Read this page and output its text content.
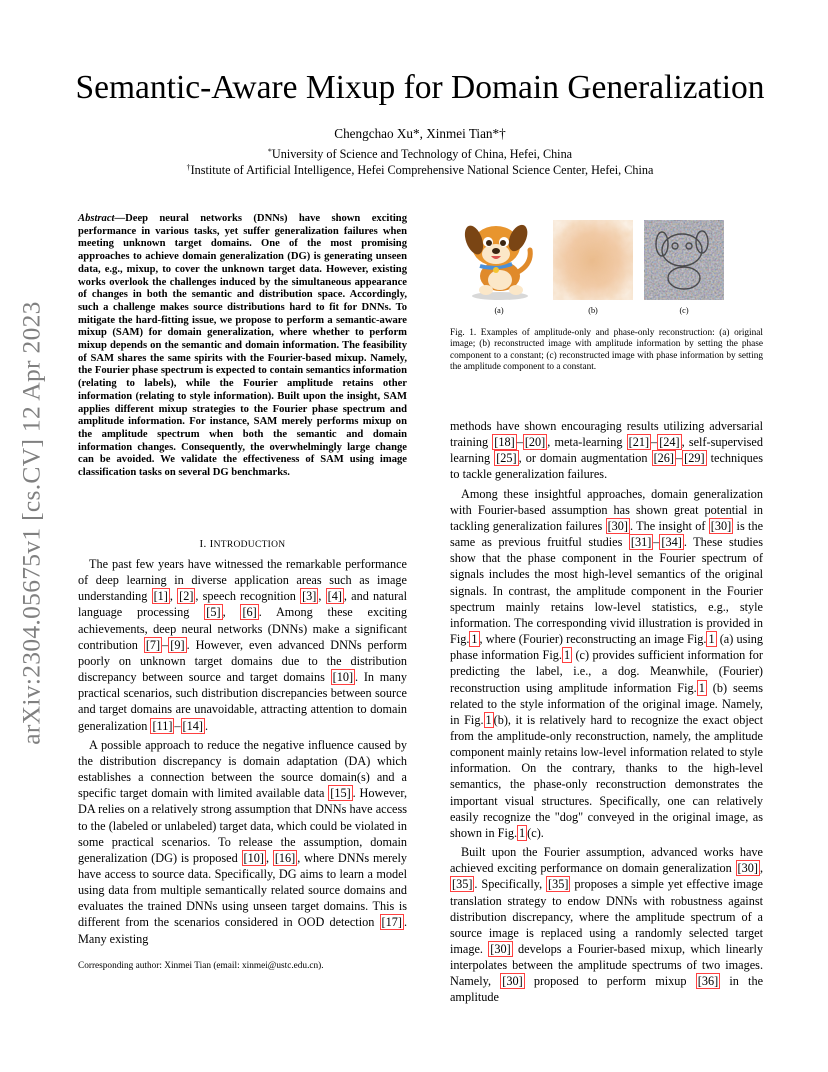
arXiv:2304.05675v1 [cs.CV] 12 Apr 2023
Semantic-Aware Mixup for Domain Generalization
Chengchao Xu*, Xinmei Tian*†
*University of Science and Technology of China, Hefei, China
†Institute of Artificial Intelligence, Hefei Comprehensive National Science Center, Hefei, China
Abstract—Deep neural networks (DNNs) have shown exciting performance in various tasks, yet suffer generalization failures when meeting unknown target domains. One of the most promising approaches to achieve domain generalization (DG) is generating unseen data, e.g., mixup, to cover the unknown target data. However, existing works overlook the challenges induced by the simultaneous appearance of changes in both the semantic and distribution space. Accordingly, such a challenge makes source distributions hard to fit for DNNs. To mitigate the hard-fitting issue, we propose to perform a semantic-aware mixup (SAM) for domain generalization, where whether to perform mixup depends on the semantic and domain information. The feasibility of SAM shares the same spirits with the Fourier-based mixup. Namely, the Fourier phase spectrum is expected to contain semantics information (relating to labels), while the Fourier amplitude retains other information (relating to style information). Built upon the insight, SAM applies different mixup strategies to the Fourier phase spectrum and amplitude information. For instance, SAM merely performs mixup on the amplitude spectrum when both the semantic and domain information changes. Consequently, the overwhelmingly large change can be avoided. We validate the effectiveness of SAM using image classification tasks on several DG benchmarks.
I. INTRODUCTION

The past few years have witnessed the remarkable performance of deep learning in diverse application areas such as image understanding [1] , [2] , speech recognition [3] , [4] , and natural language processing [5] , [6] . Among these exciting achievements, deep neural networks (DNNs) make a significant contribution [7] – [9] . However, even advanced DNNs perform poorly on unknown target domains due to the distribution discrepancy between source and target domains [10] . In many practical scenarios, such distribution discrepancies between source and target domains are unavoidable, attracting attention to domain generalization [11] – [14] .

A possible approach to reduce the negative influence caused by the distribution discrepancy is domain adaptation (DA) which establishes a connection between the source domain(s) and a specific target domain with limited available data [15] . However, DA relies on a relatively strong assumption that DNNs have access to the (labeled or unlabeled) target data, which could be violated in some practical scenarios. To release the assumption, domain generalization (DG) is proposed [10] , [16] , where DNNs merely have access to source data. Specifically, DG aims to learn a model using data from multiple semantically related source domains and evaluates the trained DNNs using unseen target domains. This is different from the scenarios considered in OOD detection [17] . Many existing

Corresponding author: Xinmei Tian (email: xinmei@ustc.edu.cn).
(a)	(b)	(c)
Fig. 1. Examples of amplitude-only and phase-only reconstruction: (a) original image; (b) reconstructed image with amplitude information by setting the phase component to a constant; (c) reconstructed image with phase information by setting the amplitude component to a constant.

methods have shown encouraging results utilizing adversarial training [18] – [20] , meta-learning [21] – [24] , self-supervised learning [25] , or domain augmentation [26] – [29] techniques to tackle generalization failures.

Among these insightful approaches, domain generalization with Fourier-based assumption has shown great potential in tackling generalization failures [30] . The insight of [30] is the same as previous fruitful studies [31] – [34] . These studies show that the phase component in the Fourier spectrum of signals includes the most high-level semantics of the original signals. In contrast, the amplitude component in the Fourier spectrum mainly retains low-level statistics, e.g., style information. The corresponding vivid illustration is provided in Fig. 1 , where (Fourier) reconstructing an image Fig. 1 (a) using phase information Fig. 1 (c) provides sufficient information for predicting the label, i.e., a dog. Meanwhile, (Fourier) reconstruction using amplitude information Fig. 1 (b) seems related to the style information of the original image. Namely, in Fig. 1 (b), it is relatively hard to recognize the exact object from the amplitude-only reconstruction, namely, the amplitude component mainly retains low-level information related to style information. On the contrary, thanks to the high-level semantics, the phase-only reconstruction demonstrates the important visual structures. Specifically, one can relatively easily recognize the "dog" conveyed in the original image, as shown in Fig. 1 (c).

Built upon the Fourier assumption, advanced works have achieved exciting performance on domain generalization [30] , [35] . Specifically, [35] proposes a simple yet effective image translation strategy to endow DNNs with robustness against distribution discrepancy, where the amplitude spectrum of a source image is replaced using a randomly selected target image. [30] develops a Fourier-based mixup, which linearly interpolates between the amplitude spectrums of two images. Namely, [30] proposed to perform mixup [36] in the amplitude
